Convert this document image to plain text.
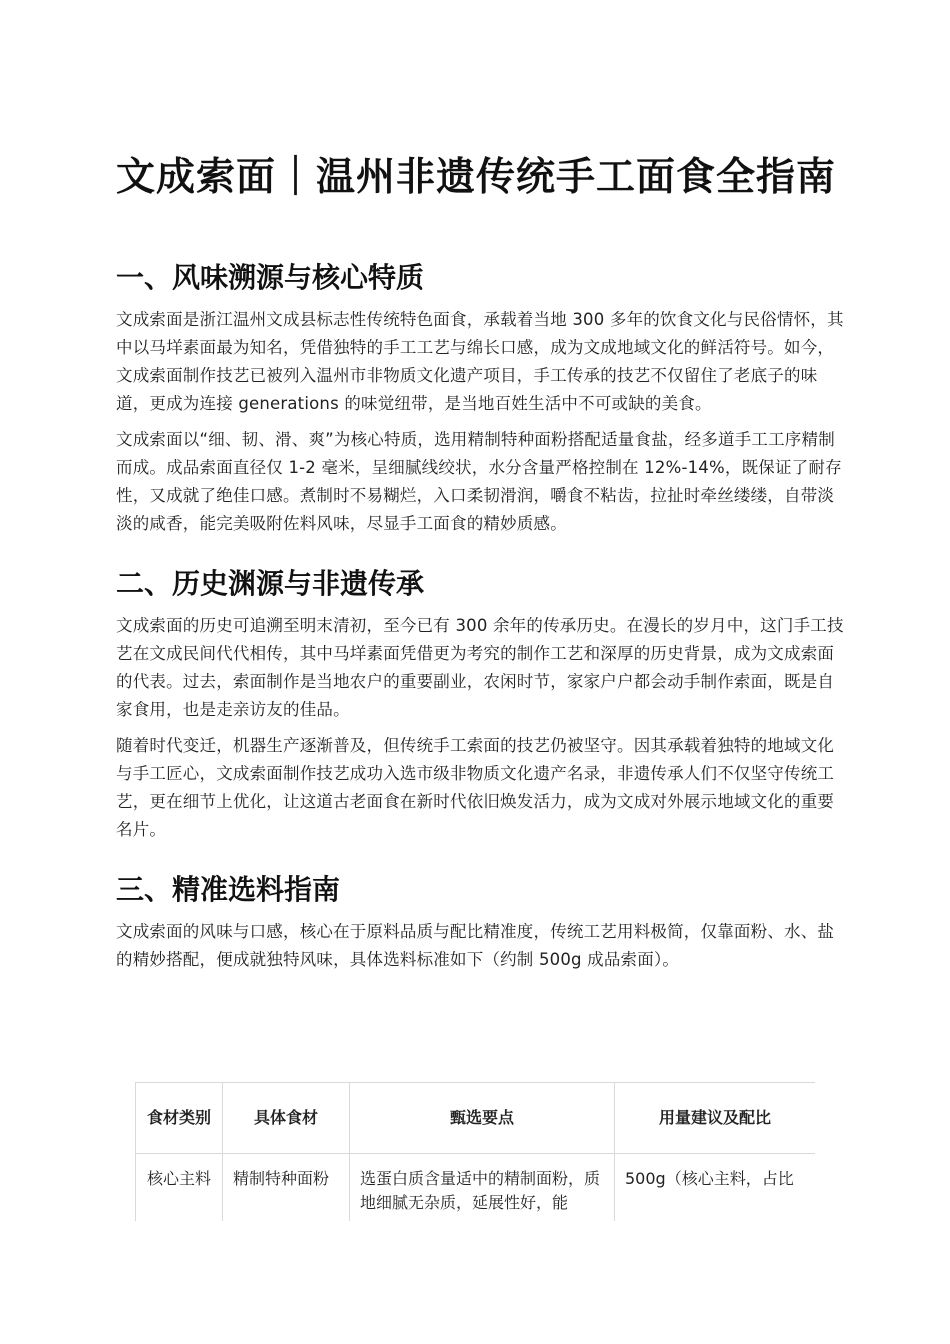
文成索面｜温州非遗传统手工面食全指南
一、风味溯源与核心特质

文成索面是浙江温州文成县标志性传统特色面食，承载着当地 300 多年的饮食文化与民俗情怀，其中以马垟素面最为知名，凭借独特的手工工艺与绵长口感，成为文成地域文化的鲜活符号。如今，文成索面制作技艺已被列入温州市非物质文化遗产项目，手工传承的技艺不仅留住了老底子的味道，更成为连接 generations 的味觉纽带，是当地百姓生活中不可或缺的美食。

文成索面以“细、韧、滑、爽”为核心特质，选用精制特种面粉搭配适量食盐，经多道手工工序精制而成。成品索面直径仅 1-2 毫米，呈细腻线绞状，水分含量严格控制在 12%-14%，既保证了耐存性，又成就了绝佳口感。煮制时不易糊烂，入口柔韧滑润，嚼食不粘齿，拉扯时牵丝缕缕，自带淡淡的咸香，能完美吸附佐料风味，尽显手工面食的精妙质感。

二、历史渊源与非遗传承

文成索面的历史可追溯至明末清初，至今已有 300 余年的传承历史。在漫长的岁月中，这门手工技艺在文成民间代代相传，其中马垟素面凭借更为考究的制作工艺和深厚的历史背景，成为文成索面的代表。过去，索面制作是当地农户的重要副业，农闲时节，家家户户都会动手制作索面，既是自家食用，也是走亲访友的佳品。

随着时代变迁，机器生产逐渐普及，但传统手工索面的技艺仍被坚守。因其承载着独特的地域文化与手工匠心，文成索面制作技艺成功入选市级非物质文化遗产名录，非遗传承人们不仅坚守传统工艺，更在细节上优化，让这道古老面食在新时代依旧焕发活力，成为文成对外展示地域文化的重要名片。

三、精准选料指南

文成索面的风味与口感，核心在于原料品质与配比精准度，传统工艺用料极简，仅靠面粉、水、盐的精妙搭配，便成就独特风味，具体选料标准如下（约制 500g 成品索面）。

食材类别	具体食材	甄选要点	用量建议及配比
核心主料	精制特种面粉	选蛋白质含量适中的精制面粉，质地细腻无杂质，延展性好，能	500g（核心主料，占比
